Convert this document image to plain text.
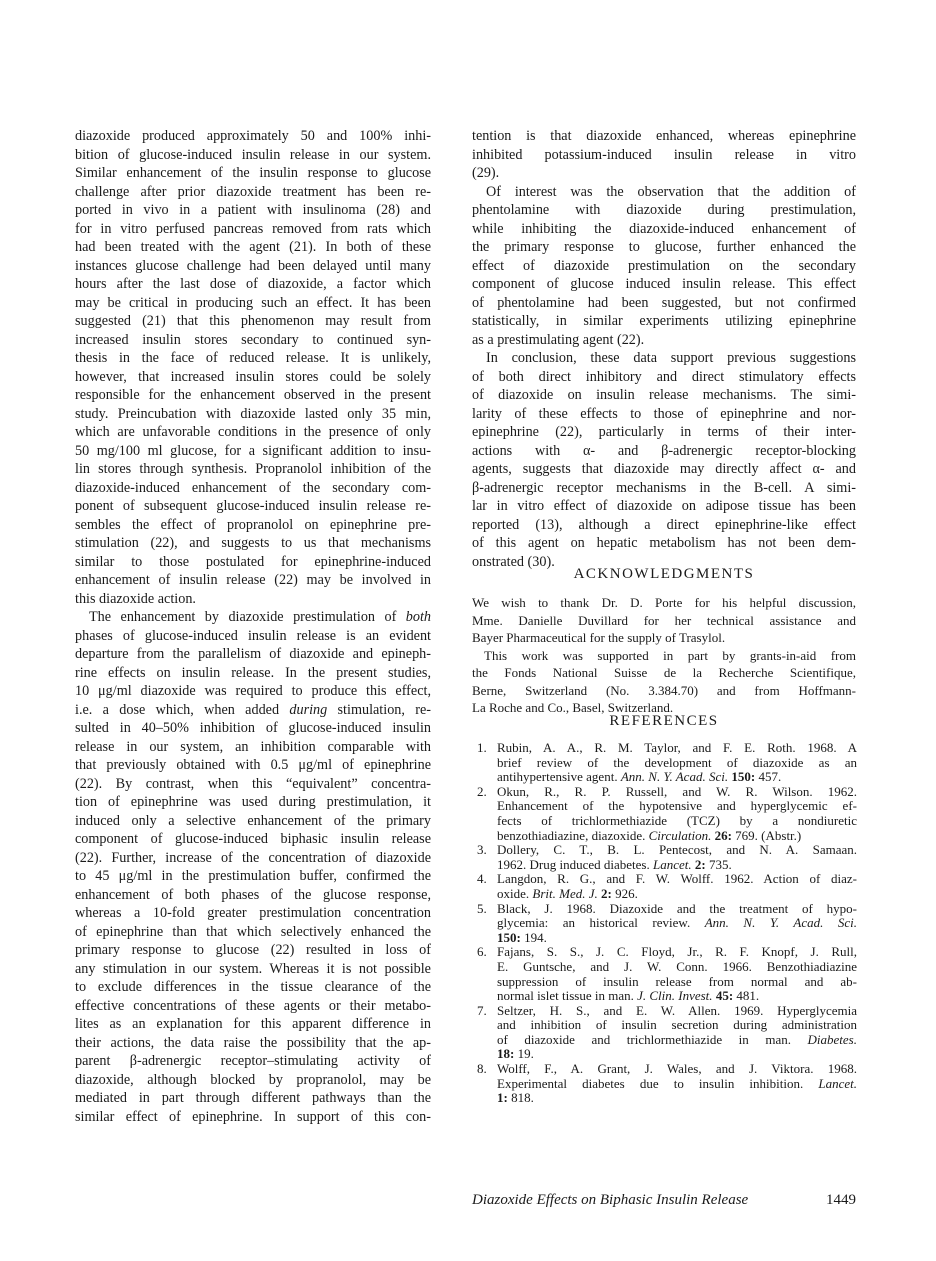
diazoxide produced approximately 50 and 100% inhi-
bition of glucose-induced insulin release in our system.
Similar enhancement of the insulin response to glucose
challenge after prior diazoxide treatment has been re-
ported in vivo in a patient with insulinoma (28) and
for in vitro perfused pancreas removed from rats which
had been treated with the agent (21). In both of these
instances glucose challenge had been delayed until many
hours after the last dose of diazoxide, a factor which
may be critical in producing such an effect. It has been
suggested (21) that this phenomenon may result from
increased insulin stores secondary to continued syn-
thesis in the face of reduced release. It is unlikely,
however, that increased insulin stores could be solely
responsible for the enhancement observed in the present
study. Preincubation with diazoxide lasted only 35 min,
which are unfavorable conditions in the presence of only
50 mg/100 ml glucose, for a significant addition to insu-
lin stores through synthesis. Propranolol inhibition of the
diazoxide-induced enhancement of the secondary com-
ponent of subsequent glucose-induced insulin release re-
sembles the effect of propranolol on epinephrine pre-
stimulation (22), and suggests to us that mechanisms
similar to those postulated for epinephrine-induced
enhancement of insulin release (22) may be involved in
this diazoxide action.
The enhancement by diazoxide prestimulation of both
phases of glucose-induced insulin release is an evident
departure from the parallelism of diazoxide and epineph-
rine effects on insulin release. In the present studies,
10 μg/ml diazoxide was required to produce this effect,
i.e. a dose which, when added during stimulation, re-
sulted in 40–50% inhibition of glucose-induced insulin
release in our system, an inhibition comparable with
that previously obtained with 0.5 μg/ml of epinephrine
(22). By contrast, when this “equivalent” concentra-
tion of epinephrine was used during prestimulation, it
induced only a selective enhancement of the primary
component of glucose-induced biphasic insulin release
(22). Further, increase of the concentration of diazoxide
to 45 μg/ml in the prestimulation buffer, confirmed the
enhancement of both phases of the glucose response,
whereas a 10-fold greater prestimulation concentration
of epinephrine than that which selectively enhanced the
primary response to glucose (22) resulted in loss of
any stimulation in our system. Whereas it is not possible
to exclude differences in the tissue clearance of the
effective concentrations of these agents or their metabo-
lites as an explanation for this apparent difference in
their actions, the data raise the possibility that the ap-
parent β-adrenergic receptor–stimulating activity of
diazoxide, although blocked by propranolol, may be
mediated in part through different pathways than the
similar effect of epinephrine. In support of this con-
tention is that diazoxide enhanced, whereas epinephrine
inhibited potassium-induced insulin release in vitro
(29).
Of interest was the observation that the addition of
phentolamine with diazoxide during prestimulation,
while inhibiting the diazoxide-induced enhancement of
the primary response to glucose, further enhanced the
effect of diazoxide prestimulation on the secondary
component of glucose induced insulin release. This effect
of phentolamine had been suggested, but not confirmed
statistically, in similar experiments utilizing epinephrine
as a prestimulating agent (22).
In conclusion, these data support previous suggestions
of both direct inhibitory and direct stimulatory effects
of diazoxide on insulin release mechanisms. The simi-
larity of these effects to those of epinephrine and nor-
epinephrine (22), particularly in terms of their inter-
actions with α- and β-adrenergic receptor-blocking
agents, suggests that diazoxide may directly affect α- and
β-adrenergic receptor mechanisms in the B-cell. A simi-
lar in vitro effect of diazoxide on adipose tissue has been
reported (13), although a direct epinephrine-like effect
of this agent on hepatic metabolism has not been dem-
onstrated (30).
ACKNOWLEDGMENTS
We wish to thank Dr. D. Porte for his helpful discussion,
Mme. Danielle Duvillard for her technical assistance and
Bayer Pharmaceutical for the supply of Trasylol.
This work was supported in part by grants-in-aid from
the Fonds National Suisse de la Recherche Scientifique,
Berne, Switzerland (No. 3.384.70) and from Hoffmann-
La Roche and Co., Basel, Switzerland.
REFERENCES
1. Rubin, A. A., R. M. Taylor, and F. E. Roth. 1968. A
brief review of the development of diazoxide as an
antihypertensive agent. Ann. N. Y. Acad. Sci. 150: 457.
2. Okun, R., R. P. Russell, and W. R. Wilson. 1962.
Enhancement of the hypotensive and hyperglycemic ef-
fects of trichlormethiazide (TCZ) by a nondiuretic
benzothiadiazine, diazoxide. Circulation. 26: 769. (Abstr.)
3. Dollery, C. T., B. L. Pentecost, and N. A. Samaan.
1962. Drug induced diabetes. Lancet. 2: 735.
4. Langdon, R. G., and F. W. Wolff. 1962. Action of diaz-
oxide. Brit. Med. J. 2: 926.
5. Black, J. 1968. Diazoxide and the treatment of hypo-
glycemia: an historical review. Ann. N. Y. Acad. Sci.
150: 194.
6. Fajans, S. S., J. C. Floyd, Jr., R. F. Knopf, J. Rull,
E. Guntsche, and J. W. Conn. 1966. Benzothiadiazine
suppression of insulin release from normal and ab-
normal islet tissue in man. J. Clin. Invest. 45: 481.
7. Seltzer, H. S., and E. W. Allen. 1969. Hyperglycemia
and inhibition of insulin secretion during administration
of diazoxide and trichlormethiazide in man. Diabetes.
18: 19.
8. Wolff, F., A. Grant, J. Wales, and J. Viktora. 1968.
Experimental diabetes due to insulin inhibition. Lancet.
1: 818.
Diazoxide Effects on Biphasic Insulin Release	1449
